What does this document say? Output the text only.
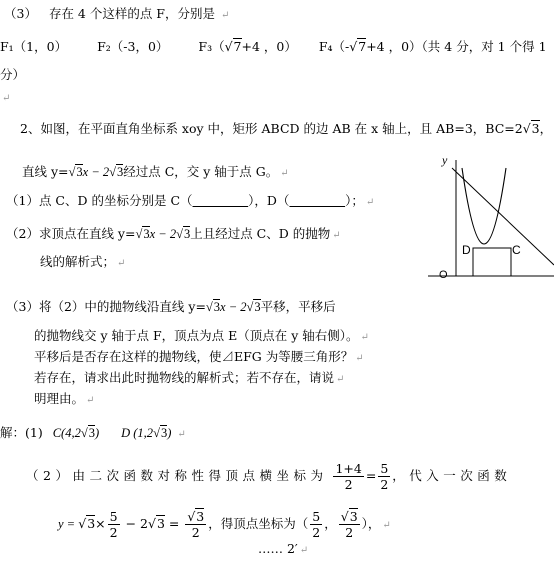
（3） 存在 4 个这样的点 F，分别是 ↵
F₁（1，0） F₂（-3，0） F₃（√7+4 ，0） F₄（-√7+4 ，0）（共 4 分，对 1 个得 1
分）
↵
2、如图，在平面直角坐标系 xoy 中，矩形 ABCD 的边 AB 在 x 轴上，且 AB=3，BC=2√3，
直线 y=√3x − 2√3经过点 C，交 y 轴于点 G。 ↵
（1）点 C、D 的坐标分别是 C（	），D（	）； ↵
（2）求顶点在直线 y=√3x − 2√3上且经过点 C、D 的抛物 ↵
线的解析式； ↵
y
O
D	C
（3）将（2）中的抛物线沿直线 y=√3x − 2√3平移，平移后
的抛物线交 y 轴于点 F，顶点为点 E（顶点在 y 轴右侧）。 ↵
平移后是否存在这样的抛物线，使⊿EFG 为等腰三角形？ ↵
若存在，请求出此时抛物线的解析式；若不存在，请说 ↵
明理由。 ↵
解：(1) C(4,2√3) D (1,2√3) ↵
（2）由二次函数对称性得顶点横坐标为 $\frac{1+4}{2} = \frac{5}{2}$ ，代入一次函数
$y = √3\times \frac{5}{2} - 2√3 = \frac{√3}{2}$ ，得顶点坐标为（ $\frac{5}{2}$ ， $\frac{√3}{2}$ ）， ↵
…… 2′ ↵
